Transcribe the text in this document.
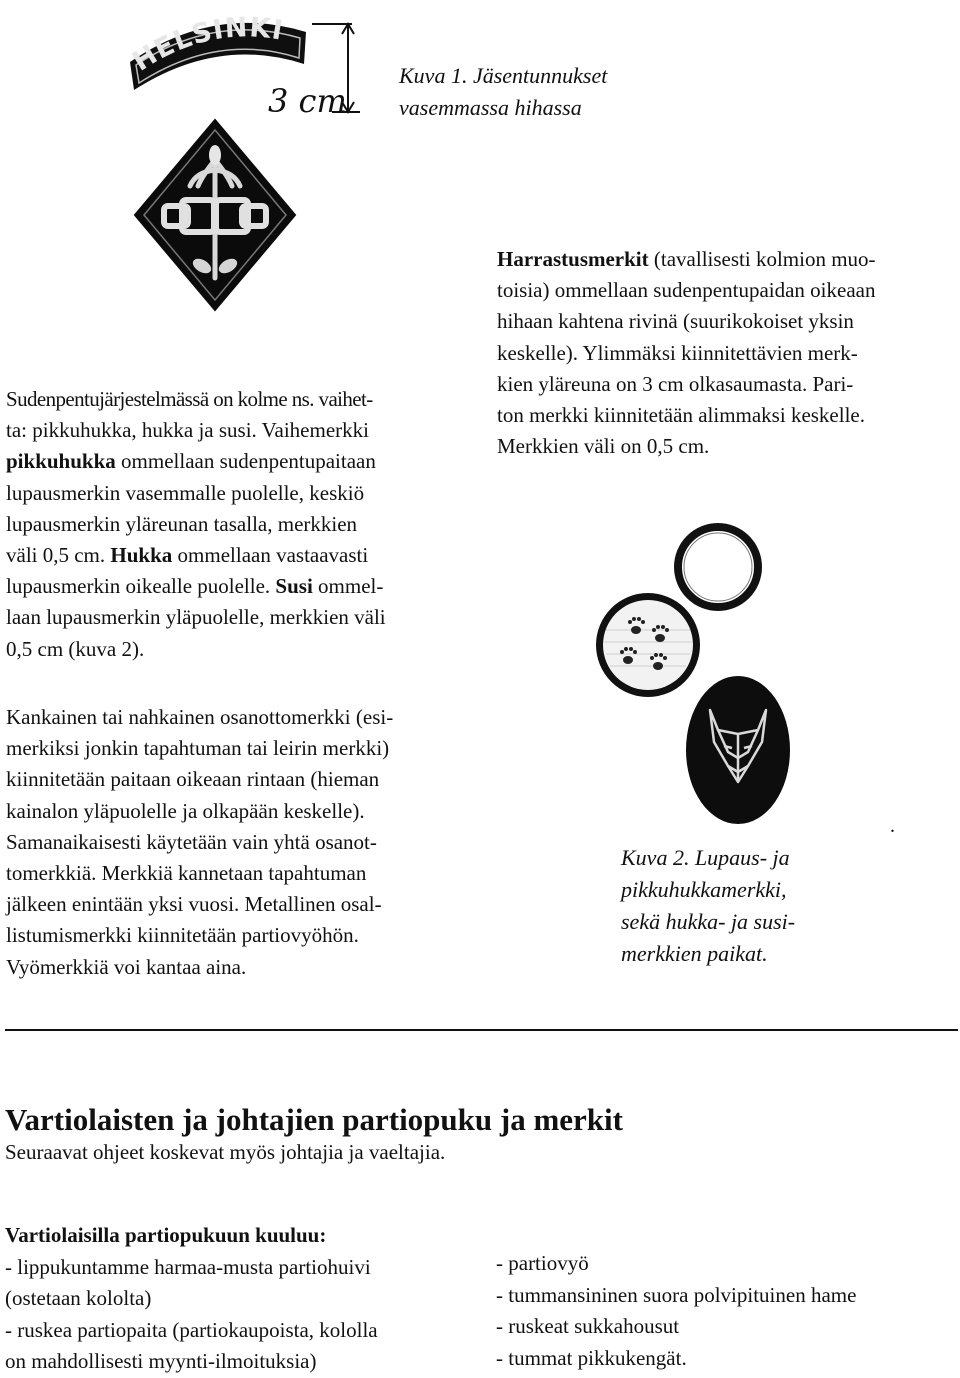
HELSINKI
3 cm

Kuva 1. Jäsentunnukset

vasemmassa hihassa

Sudenpentujärjestelmässä on kolme ns. vaihet-

ta: pikkuhukka, hukka ja susi. Vaihemerkki

pikkuhukka ommellaan sudenpentupaitaan

lupausmerkin vasemmalle puolelle, keskiö

lupausmerkin yläreunan tasalla, merkkien

väli 0,5 cm. Hukka ommellaan vastaavasti

lupausmerkin oikealle puolelle. Susi ommel-

laan lupausmerkin yläpuolelle, merkkien väli

0,5 cm (kuva 2).

Kankainen tai nahkainen osanottomerkki (esi-

merkiksi jonkin tapahtuman tai leirin merkki)

kiinnitetään paitaan oikeaan rintaan (hieman

kainalon yläpuolelle ja olkapään keskelle).

Samanaikaisesti käytetään vain yhtä osanot-

tomerkkiä. Merkkiä kannetaan tapahtuman

jälkeen enintään yksi vuosi. Metallinen osal-

listumismerkki kiinnitetään partiovyöhön.

Vyömerkkiä voi kantaa aina.

Harrastusmerkit (tavallisesti kolmion muo-

toisia) ommellaan sudenpentupaidan oikeaan

hihaan kahtena rivinä (suurikokoiset yksin

keskelle). Ylimmäksi kiinnitettävien merk-

kien yläreuna on 3 cm olkasaumasta. Pari-

ton merkki kiinnitetään alimmaksi keskelle.

Merkkien väli on 0,5 cm.

.

Kuva 2. Lupaus- ja

pikkuhukkamerkki,

sekä hukka- ja susi-

merkkien paikat.

Vartiolaisten ja johtajien partiopuku ja merkit

Seuraavat ohjeet koskevat myös johtajia ja vaeltajia.

Vartiolaisilla partiopukuun kuuluu:

- lippukuntamme harmaa-musta partiohuivi

(ostetaan kololta)

- ruskea partiopaita (partiokaupoista, kololla

on mahdollisesti myynti-ilmoituksia)

- partiovyö

- tummansininen suora polvipituinen hame

- ruskeat sukkahousut

- tummat pikkukengät.
